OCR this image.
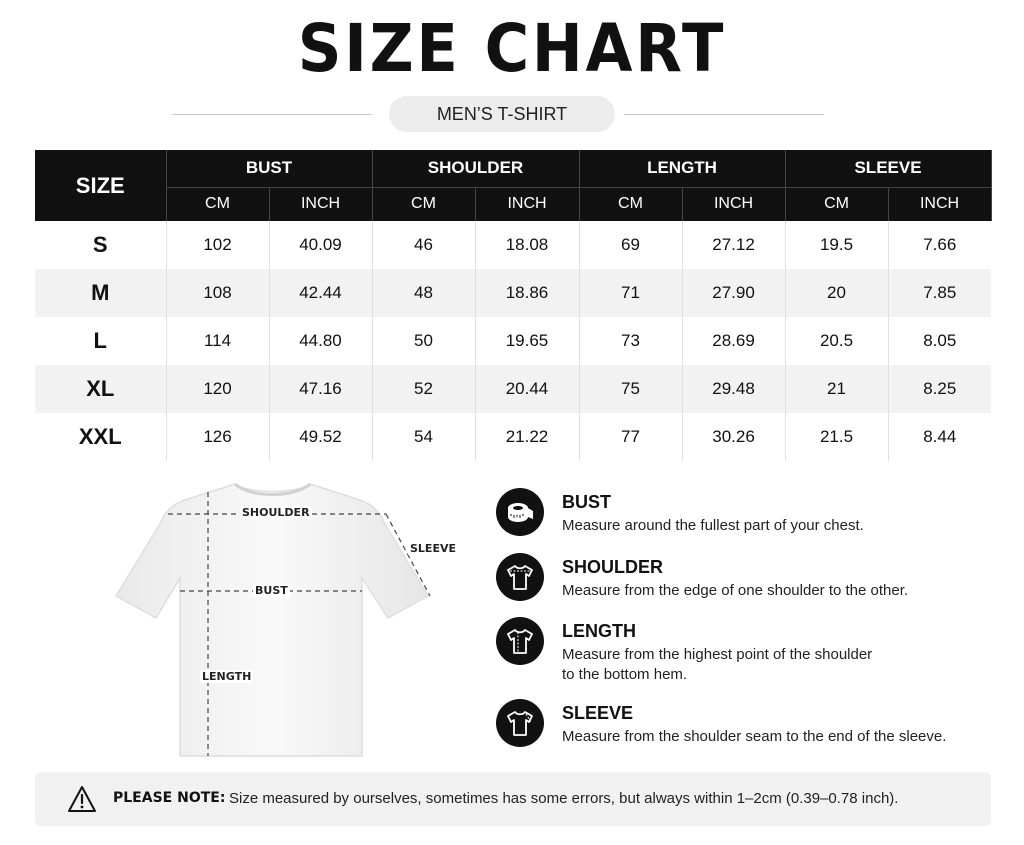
SIZE CHART
MEN’S T-SHIRT
SIZE	BUST		SHOULDER		LENGTH		SLEEVE	
	CM	INCH	CM	INCH	CM	INCH	CM	INCH
S	102	40.09	46	18.08	69	27.12	19.5	7.66
M	108	42.44	48	18.86	71	27.90	20	7.85
L	114	44.80	50	19.65	73	28.69	20.5	8.05
XL	120	47.16	52	20.44	75	29.48	21	8.25
XXL	126	49.52	54	21.22	77	30.26	21.5	8.44
SHOULDER
SLEEVE
BUST
LENGTH
BUST
Measure around the fullest part of your chest.
SHOULDER
Measure from the edge of one shoulder to the other.
LENGTH
Measure from the highest point of the shoulder
to the bottom hem.
SLEEVE
Measure from the shoulder seam to the end of the sleeve.
PLEASE NOTE: Size measured by ourselves, sometimes has some errors, but always within 1–2cm (0.39–0.78 inch).
